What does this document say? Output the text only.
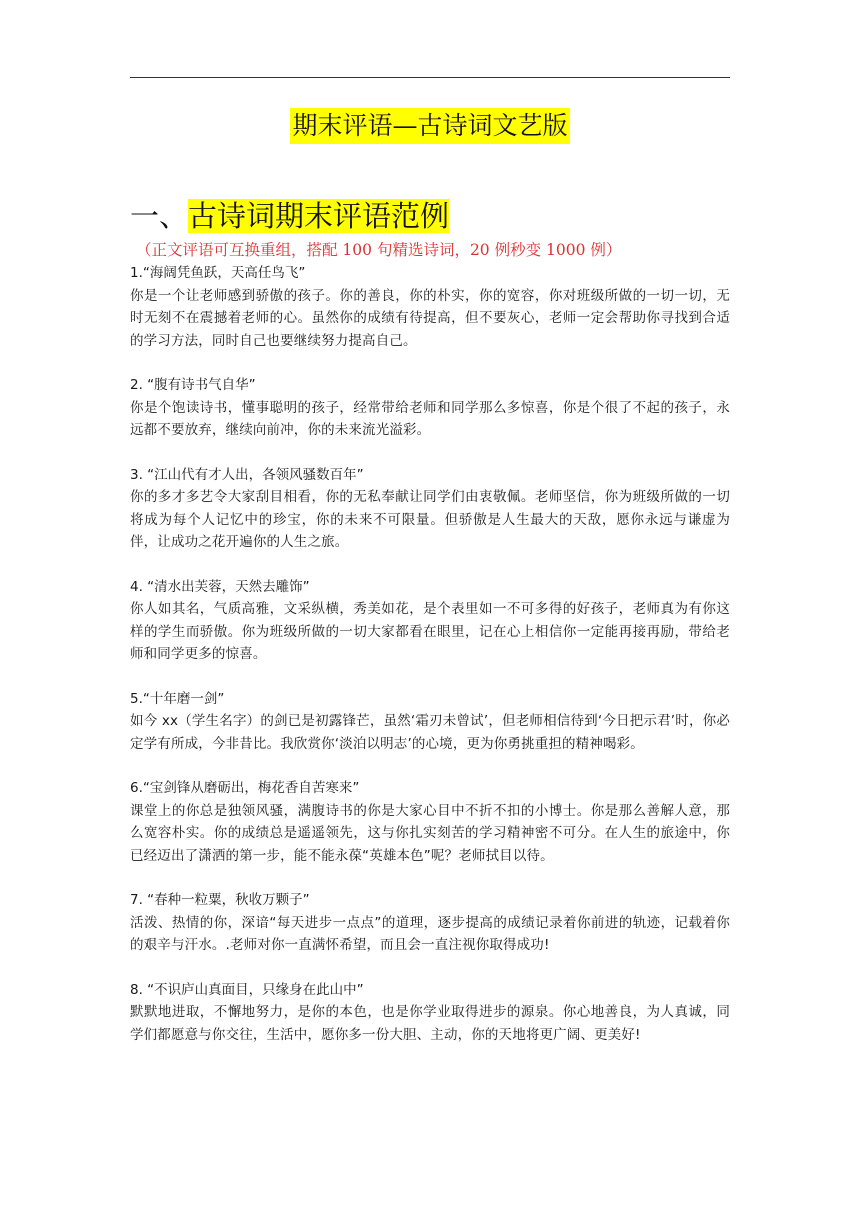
期末评语—古诗词文艺版
一、古诗词期末评语范例
（正文评语可互换重组，搭配 100 句精选诗词，20 例秒变 1000 例）
1.“海阔凭鱼跃，天高任鸟飞”
你是一个让老师感到骄傲的孩子。你的善良，你的朴实，你的宽容，你对班级所做的一切一切，无时无刻不在震撼着老师的心。虽然你的成绩有待提高，但不要灰心，老师一定会帮助你寻找到合适的学习方法，同时自己也要继续努力提高自己。
2. “腹有诗书气自华”
你是个饱读诗书，懂事聪明的孩子，经常带给老师和同学那么多惊喜，你是个很了不起的孩子，永远都不要放弃，继续向前冲，你的未来流光溢彩。
3. “江山代有才人出，各领风骚数百年”
你的多才多艺令大家刮目相看，你的无私奉献让同学们由衷敬佩。老师坚信，你为班级所做的一切将成为每个人记忆中的珍宝，你的未来不可限量。但骄傲是人生最大的天敌，愿你永远与谦虚为伴，让成功之花开遍你的人生之旅。
4. “清水出芙蓉，天然去雕饰”
你人如其名，气质高雅，文采纵横，秀美如花，是个表里如一不可多得的好孩子，老师真为有你这样的学生而骄傲。你为班级所做的一切大家都看在眼里，记在心上相信你一定能再接再励，带给老师和同学更多的惊喜。
5.“十年磨一剑”
如今 xx（学生名字）的剑已是初露锋芒，虽然‘霜刃未曾试’，但老师相信待到‘今日把示君’时，你必定学有所成，今非昔比。我欣赏你‘淡泊以明志’的心境，更为你勇挑重担的精神喝彩。
6.“宝剑锋从磨砺出，梅花香自苦寒来”
课堂上的你总是独领风骚，满腹诗书的你是大家心目中不折不扣的小博士。你是那么善解人意，那么宽容朴实。你的成绩总是遥遥领先，这与你扎实刻苦的学习精神密不可分。在人生的旅途中，你已经迈出了潇洒的第一步，能不能永葆“英雄本色”呢？老师拭目以待。
7. “春种一粒粟，秋收万颗子”
活泼、热情的你，深谙“每天进步一点点”的道理，逐步提高的成绩记录着你前进的轨迹，记载着你的艰辛与汗水。.老师对你一直满怀希望，而且会一直注视你取得成功!
8. “不识庐山真面目，只缘身在此山中”
默默地进取，不懈地努力，是你的本色，也是你学业取得进步的源泉。你心地善良，为人真诚，同学们都愿意与你交往，生活中，愿你多一份大胆、主动，你的天地将更广阔、更美好!
